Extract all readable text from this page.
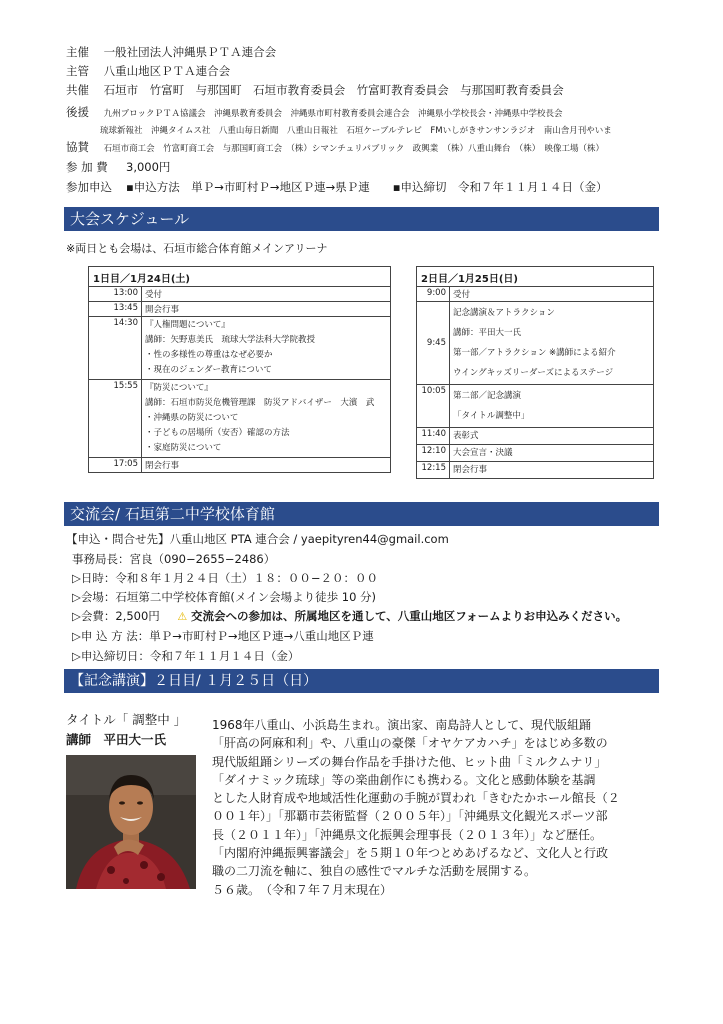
主催 一般社団法人沖縄県ＰＴＡ連合会
主管 八重山地区ＰＴＡ連合会
共催 石垣市　竹富町　与那国町　石垣市教育委員会　竹富町教育委員会　与那国町教育委員会
後援 九州ブロックＰＴＡ協議会　沖縄県教育委員会　沖縄県市町村教育委員会連合会　沖縄県小学校長会・沖縄県中学校長会
琉球新報社　沖縄タイムス社　八重山毎日新聞　八重山日報社　石垣ケーブルテレビ　FMいしがきサンサンラジオ　南山舎月刊やいま
協賛 石垣市商工会　竹富町商工会　与那国町商工会　（株）シマンチュリパブリック　政興業　（株）八重山舞台　（株）　映像工場（株）
参 加 費 3,000円
参加申込 ▪申込方法　単Ｐ→市町村Ｐ→地区Ｐ連→県Ｐ連　　▪申込締切　令和７年１１月１４日（金）
大会スケジュール
※両日とも会場は、石垣市総合体育館メインアリーナ
1日目／1月24日(土)
13:00	受付

13:45	開会行事

14:30	『人権問題について』
講師：矢野恵美氏　琉球大学法科大学院教授
・性の多様性の尊重はなぜ必要か
・現在のジェンダー教育について

15:55	『防災について』
講師：石垣市防災危機管理課　防災アドバイザー　大濱　武
・沖縄県の防災について
・子どもの居場所（安否）確認の方法
・家庭防災について

17:05	閉会行事
2日目／1月25日(日)
9:00	受付

9:45	記念講演＆アトラクション
講師：平田大一氏
第一部／アトラクション ※講師による紹介
ウイングキッズリーダーズによるステージ

10:05	第二部／記念講演
「タイトル調整中」

11:40	表彰式

12:10	大会宣言・決議

12:15	閉会行事
交流会/ 石垣第二中学校体育館
【申込・問合せ先】八重山地区 PTA 連合会 / yaepityren44@gmail.com
事務局長：宮良（090−2655−2486）
▷日時：令和８年１月２４日（土）１８：００−２０：００
▷会場：石垣第二中学校体育館(メイン会場より徒歩 10 分)
▷会費：2,500円 ⚠ 交流会への参加は、所属地区を通して、八重山地区フォームよりお申込みください。
▷申 込 方 法：単Ｐ→市町村Ｐ→地区Ｐ連→八重山地区Ｐ連
▷申込締切日：令和７年１１月１４日（金）
【記念講演】２日目/ １月２５日（日）
タイトル「 調整中 」
講師　平田大一氏

1968年八重山、小浜島生まれ。演出家、南島詩人として、現代版組踊

「肝高の阿麻和利」や、八重山の豪傑「オヤケアカハチ」をはじめ多数の

現代版組踊シリーズの舞台作品を手掛けた他、ヒット曲「ミルクムナリ」

「ダイナミック琉球」等の楽曲創作にも携わる。文化と感動体験を基調

とした人財育成や地域活性化運動の手腕が買われ「きむたかホール館長（２

００１年）」「那覇市芸術監督（２００５年）」「沖縄県文化観光スポーツ部

長（２０１１年）」「沖縄県文化振興会理事長（２０１３年）」など歴任。

「内閣府沖縄振興審議会」を５期１０年つとめあげるなど、文化人と行政

職の二刀流を軸に、独自の感性でマルチな活動を展開する。

５６歳。　（令和７年７月末現在）
